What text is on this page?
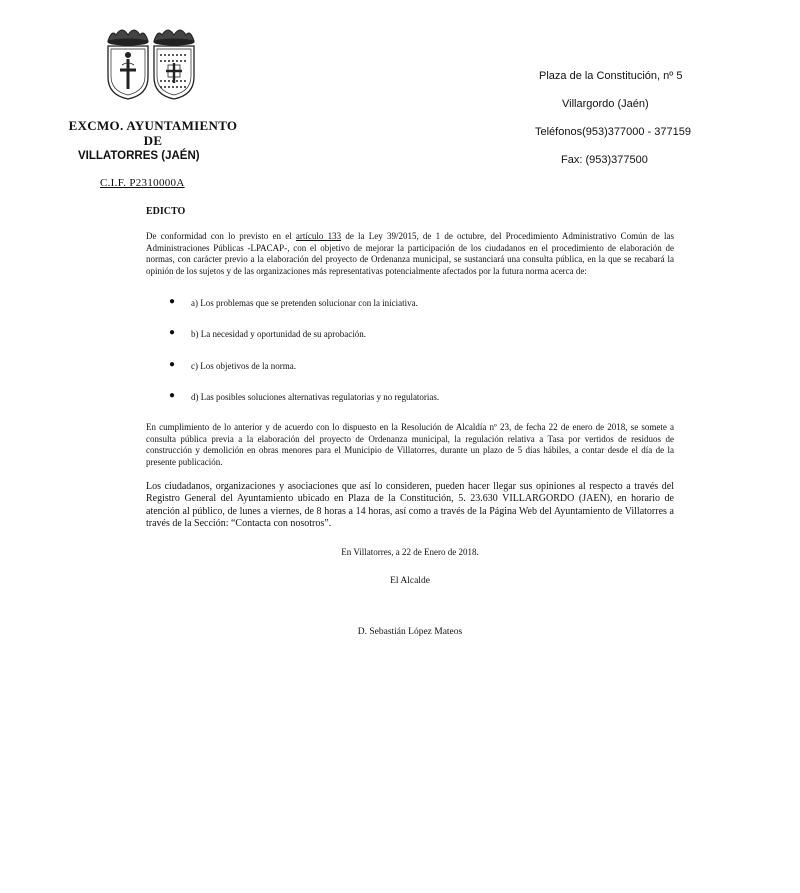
EXCMO. AYUNTAMIENTO
DE
VILLATORRES (JAÉN)
C.I.F. P2310000A
Plaza de la Constitución, nº 5
Villargordo (Jaén)
Teléfonos(953)377000 - 377159
Fax: (953)377500
EDICTO
De conformidad con lo previsto en el artículo 133 de la Ley 39/2015, de 1 de octubre, del Procedimiento Administrativo Común de las Administraciones Públicas -LPACAP-, con el objetivo de mejorar la participación de los ciudadanos en el procedimiento de elaboración de normas, con carácter previo a la elaboración del proyecto de Ordenanza municipal, se sustanciará una consulta pública, en la que se recabará la opinión de los sujetos y de las organizaciones más representativas potencialmente afectados por la futura norma acerca de:
● a) Los problemas que se pretenden solucionar con la iniciativa.
● b) La necesidad y oportunidad de su aprobación.
● c) Los objetivos de la norma.
● d) Las posibles soluciones alternativas regulatorias y no regulatorias.
En cumplimiento de lo anterior y de acuerdo con lo dispuesto en la Resolución de Alcaldía nº 23, de fecha 22 de enero de 2018, se somete a consulta pública previa a la elaboración del proyecto de Ordenanza municipal, la regulación relativa a Tasa por vertidos de residuos de construcción y demolición en obras menores para el Municipio de Villatorres, durante un plazo de 5 días hábiles, a contar desde el día de la presente publicación.
Los ciudadanos, organizaciones y asociaciones que así lo consideren, pueden hacer llegar sus opiniones al respecto a través del Registro General del Ayuntamiento ubicado en Plaza de la Constitución, 5. 23.630 VILLARGORDO (JAEN), en horario de atención al público, de lunes a viernes, de 8 horas a 14 horas, así como a través de la Página Web del Ayuntamiento de Villatorres a través de la Sección: “Contacta con nosotros”.
En Villatorres, a 22 de Enero de 2018.
El Alcalde
D. Sebastián López Mateos
